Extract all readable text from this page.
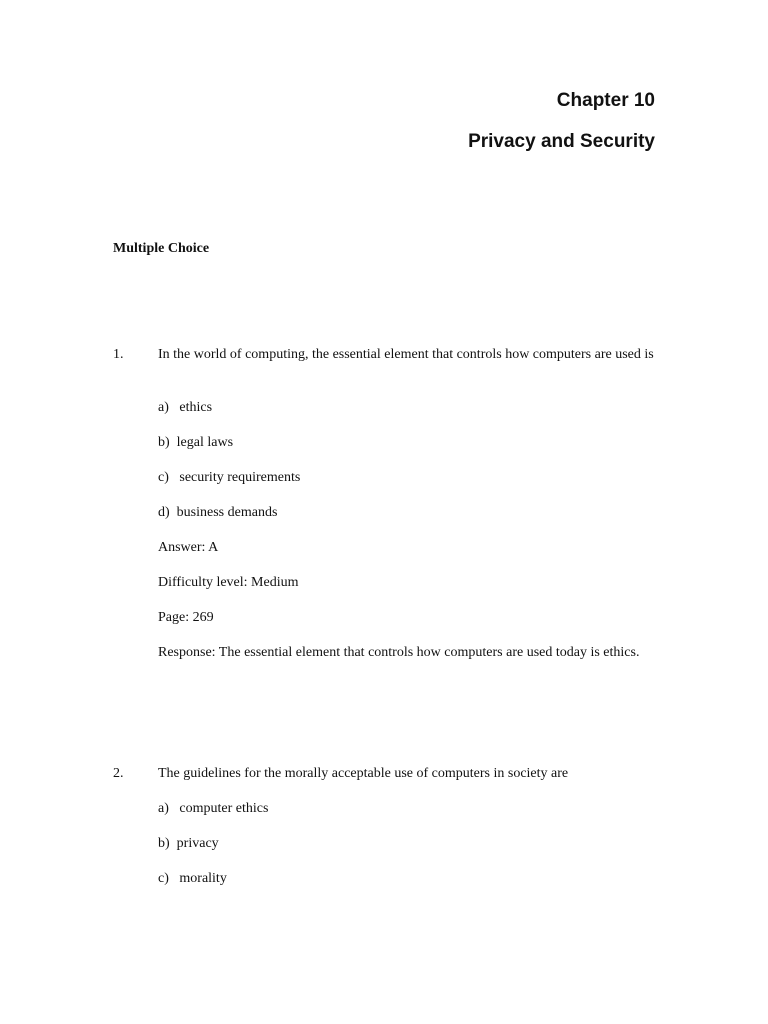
Chapter 10
Privacy and Security
Multiple Choice
1. In the world of computing, the essential element that controls how computers are used is
a) ethics
b) legal laws
c) security requirements
d) business demands
Answer: A
Difficulty level: Medium
Page: 269
Response: The essential element that controls how computers are used today is ethics.
2. The guidelines for the morally acceptable use of computers in society are
a) computer ethics
b) privacy
c) morality
